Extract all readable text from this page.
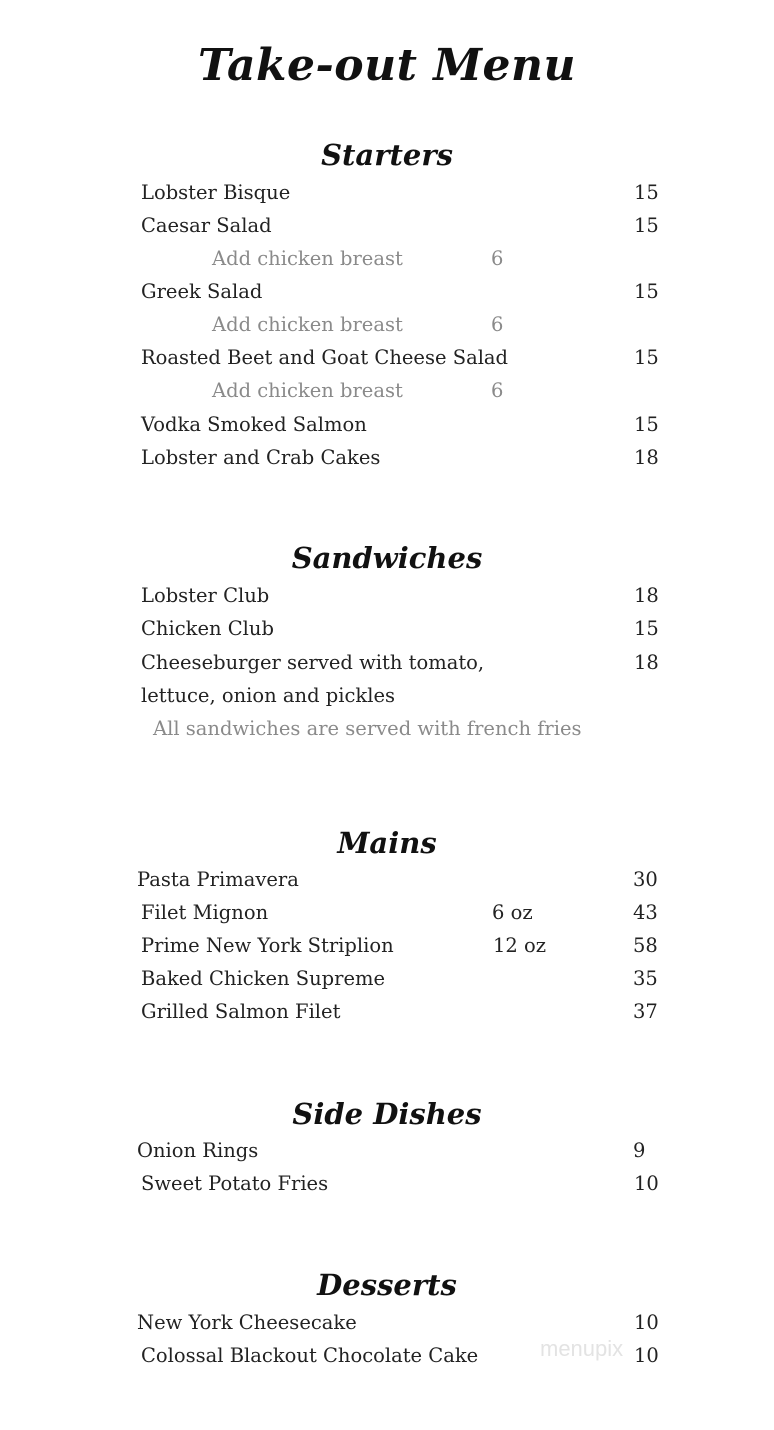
Take-out Menu
Starters
Lobster Bisque	15
Caesar Salad	15
Add chicken breast	6
Greek Salad	15
Add chicken breast	6
Roasted Beet and Goat Cheese Salad	15
Add chicken breast	6
Vodka Smoked Salmon	15
Lobster and Crab Cakes	18
Sandwiches
Lobster Club	18
Chicken Club	15
Cheeseburger served with tomato,	18
lettuce, onion and pickles
All sandwiches are served with french fries
Mains
Pasta Primavera	30
Filet Mignon	6 oz	43
Prime New York Striplion	12 oz	58
Baked Chicken Supreme	35
Grilled Salmon Filet	37
Side Dishes
Onion Rings	9
Sweet Potato Fries	10
Desserts
New York Cheesecake	10
menupix
Colossal Blackout Chocolate Cake	10
